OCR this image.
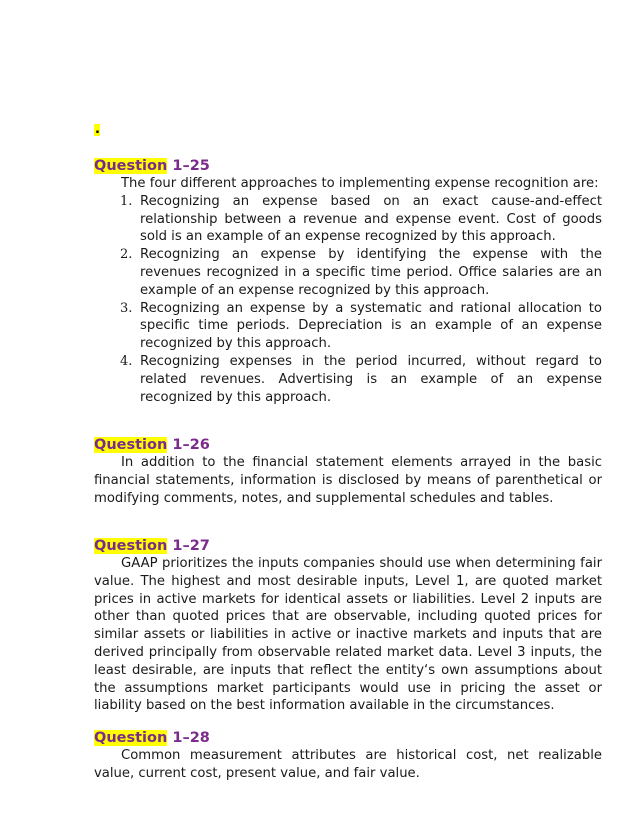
.
Question 1–25

The four different approaches to implementing expense recognition are:

1. Recognizing an expense based on an exact cause-and-effect relationship between a revenue and expense event. Cost of goods sold is an example of an expense recognized by this approach.
2. Recognizing an expense by identifying the expense with the revenues recognized in a specific time period. Office salaries are an example of an expense recognized by this approach.
3. Recognizing an expense by a systematic and rational allocation to specific time periods. Depreciation is an example of an expense recognized by this approach.
4. Recognizing expenses in the period incurred, without regard to related revenues. Advertising is an example of an expense recognized by this approach.
Question 1–26

In addition to the financial statement elements arrayed in the basic financial statements, information is disclosed by means of parenthetical or modifying comments, notes, and supplemental schedules and tables.

Question 1–27

GAAP prioritizes the inputs companies should use when determining fair value. The highest and most desirable inputs, Level 1, are quoted market prices in active markets for identical assets or liabilities. Level 2 inputs are other than quoted prices that are observable, including quoted prices for similar assets or liabilities in active or inactive markets and inputs that are derived principally from observable related market data. Level 3 inputs, the least desirable, are inputs that reflect the entity‘s own assumptions about the assumptions market participants would use in pricing the asset or liability based on the best information available in the circumstances.

Question 1–28

Common measurement attributes are historical cost, net realizable value, current cost, present value, and fair value.
